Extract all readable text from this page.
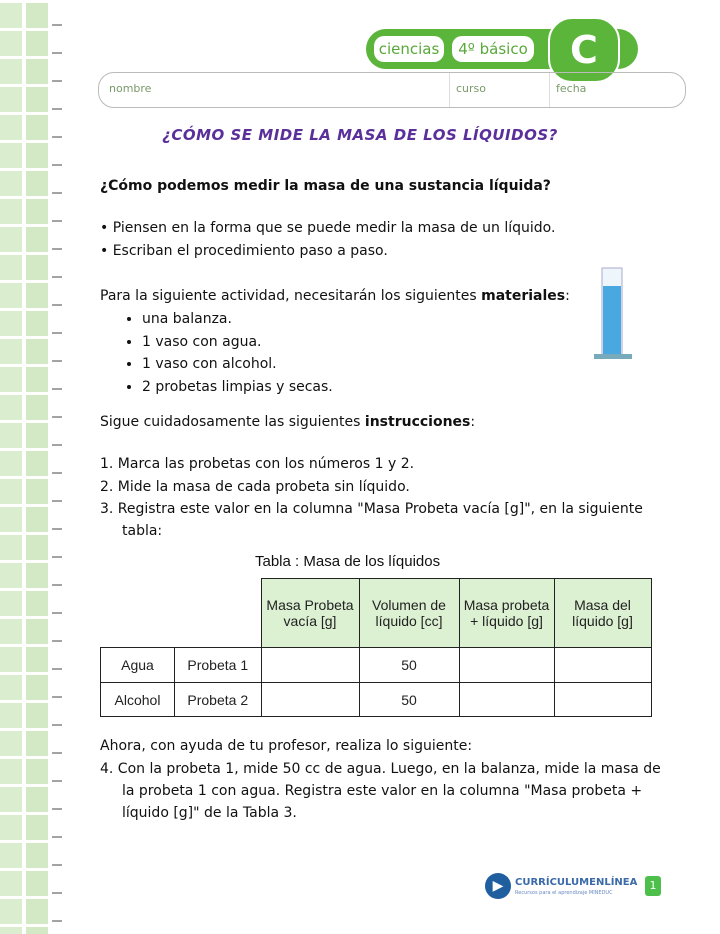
ciencias	4º básico	C
nombre	curso	fecha
¿CÓMO SE MIDE LA MASA DE LOS LÍQUIDOS?

¿Cómo podemos medir la masa de una sustancia líquida?

• Piensen en la forma que se puede medir la masa de un líquido.

• Escriban el procedimiento paso a paso.

Para la siguiente actividad, necesitarán los siguientes materiales:

• una balanza.
• 1 vaso con agua.
• 1 vaso con alcohol.
• 2 probetas limpias y secas.

Sigue cuidadosamente las siguientes instrucciones:

1. Marca las probetas con los números 1 y 2.

2. Mide la masa de cada probeta sin líquido.

3. Registra este valor en la columna "Masa Probeta vacía [g]", en la siguiente

tabla:

Tabla : Masa de los líquidos

		Masa Probeta vacía [g]	Volumen de líquido [cc]	Masa probeta + líquido [g]	Masa del líquido [g]
Agua	Probeta 1		50		
Alcohol	Probeta 2		50		

Ahora, con ayuda de tu profesor, realiza lo siguiente:

4. Con la probeta 1, mide 50 cc de agua. Luego, en la balanza, mide la masa de

la probeta 1 con agua. Registra este valor en la columna "Masa probeta +

líquido [g]" de la Tabla 3.

▶	CURRÍCULUMENLÍNEA
Recursos para el aprendizaje MINEDUC
1
